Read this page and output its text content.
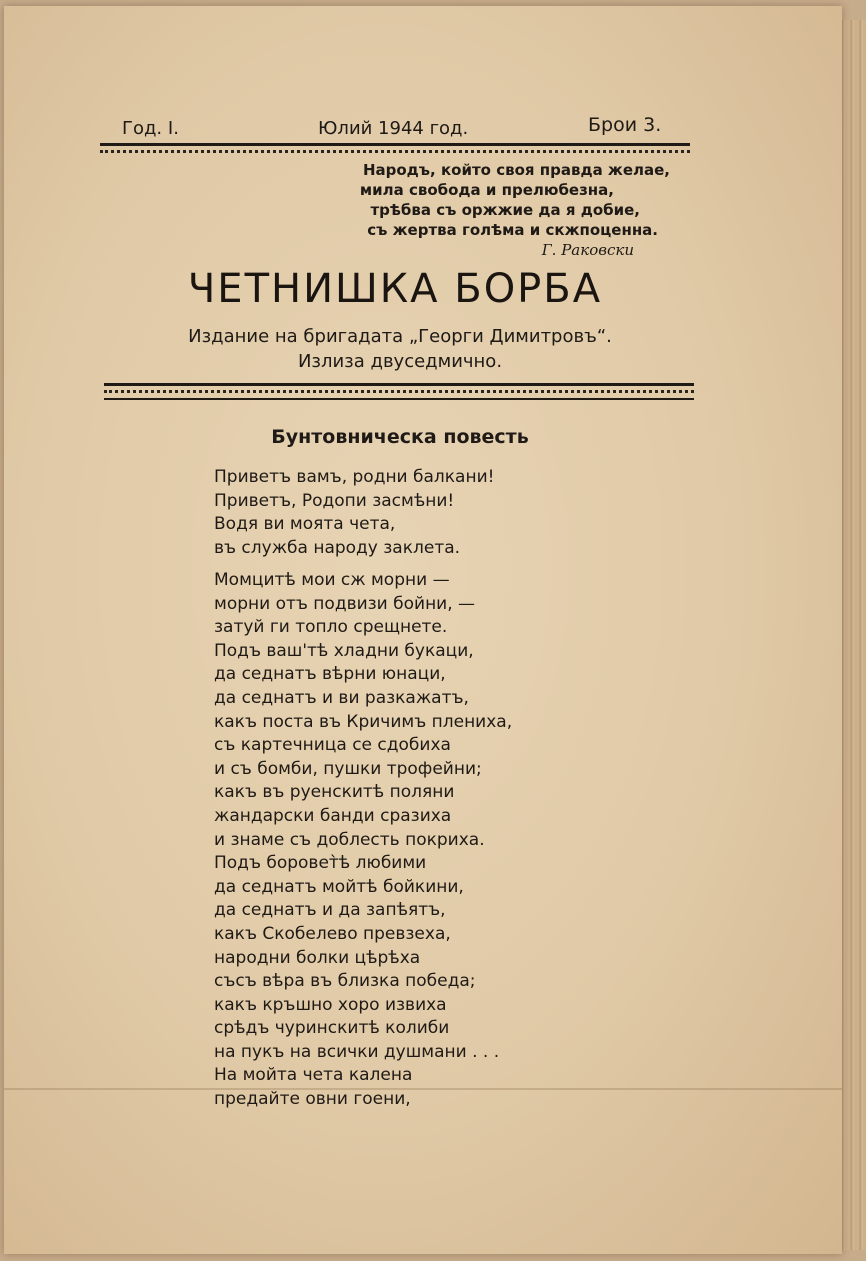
Год. I.	Юлий 1944 год.	Брои 3.
Народъ, който своя правда желае,
мила свобода и прелюбезна,
трѣбва съ оржжие да я добие,
съ жертва голѣма и скжпоценна.
Г. Раковски
ЧЕТНИШКА БОРБА
Издание на бригадата „Георги Димитровъ“.
Излиза двуседмично.
Бунтовническа повесть
Приветъ вамъ, родни балкани!
Приветъ, Родопи засмѣни!
Водя ви моята чета,
въ служба народу заклета.
Момцитѣ мои сж морни —
морни отъ подвизи бойни, —
затуй ги топло срещнете.
Подъ ваш'тѣ хладни букаци,
да седнатъ вѣрни юнаци,
да седнатъ и ви разкажатъ,
какъ поста въ Кричимъ плениха,
съ картечница се сдобиха
и съ бомби, пушки трофейни;
какъ въ руенскитѣ поляни
жандарски банди сразиха
и знаме съ доблесть покриха.
Подъ боровет̀ѣ любими
да седнатъ мойтѣ бойкини,
да седнатъ и да запѣятъ,
какъ Скобелево превзеха,
народни болки цѣрѣха
съсъ вѣра въ близка победа;
какъ кръшно хоро извиха
срѣдъ чуринскитѣ колиби
на пукъ на всички душмани . . .
На мойта чета калена
предайте овни гоени,
